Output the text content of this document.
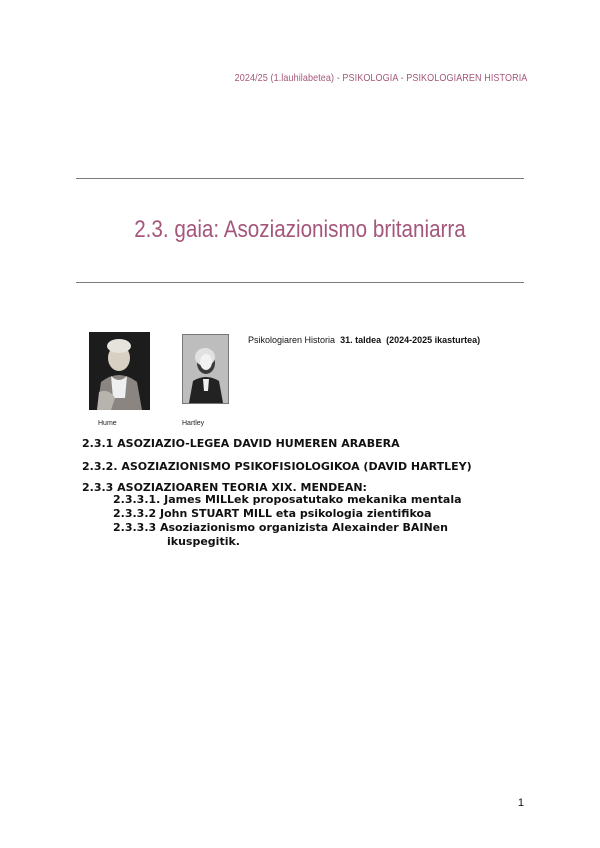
2024/25 (1.lauhilabetea) - PSIKOLOGIA - PSIKOLOGIAREN HISTORIA
2.3. gaia: Asoziazionismo britaniarra
Hume	Hartley
Psikologiaren Historia 31. taldea (2024-2025 ikasturtea)
2.3.1 ASOZIAZIO-LEGEA DAVID HUMEREN ARABERA
2.3.2. ASOZIAZIONISMO PSIKOFISIOLOGIKOA (DAVID HARTLEY)
2.3.3 ASOZIAZIOAREN TEORIA XIX. MENDEAN:
2.3.3.1. James MILLek proposatutako mekanika mentala
2.3.3.2 John STUART MILL eta psikologia zientifikoa
2.3.3.3 Asoziazionismo organizista Alexainder BAINen
ikuspegitik.
1
